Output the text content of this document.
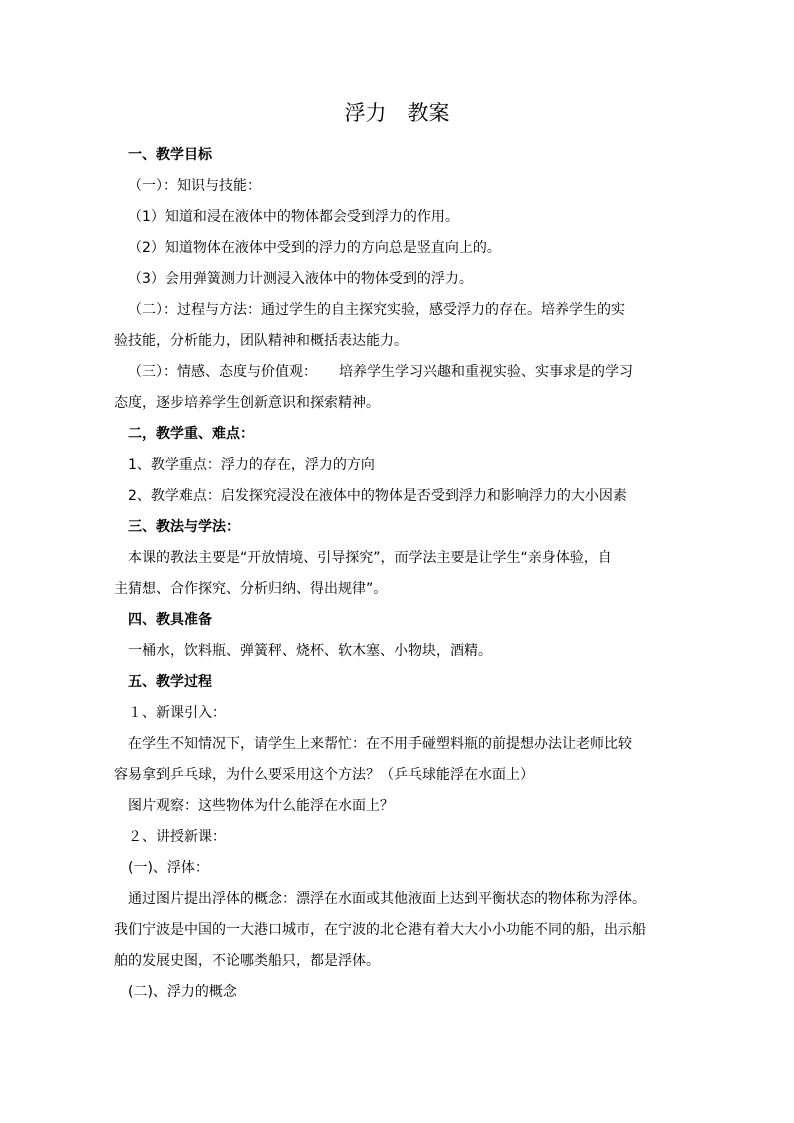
浮力　教案
一、教学目标
（一）：知识与技能：
（1）知道和浸在液体中的物体都会受到浮力的作用。
（2）知道物体在液体中受到的浮力的方向总是竖直向上的。
（3）会用弹簧测力计测浸入液体中的物体受到的浮力。
（二）：过程与方法：通过学生的自主探究实验，感受浮力的存在。培养学生的实
验技能，分析能力，团队精神和概括表达能力。
（三）：情感、态度与价值观： 培养学生学习兴趣和重视实验、实事求是的学习
态度，逐步培养学生创新意识和探索精神。
二，教学重、难点：
1、教学重点：浮力的存在，浮力的方向
2、教学难点：启发探究浸没在液体中的物体是否受到浮力和影响浮力的大小因素
三、教法与学法：
本课的教法主要是“开放情境、引导探究”，而学法主要是让学生“亲身体验，自
主猜想、合作探究、分析归纳、得出规律”。
四、教具准备
一桶水，饮料瓶、弹簧秤、烧杯、软木塞、小物块，酒精。
五、教学过程
１、新课引入：
在学生不知情况下，请学生上来帮忙：在不用手碰塑料瓶的前提想办法让老师比较
容易拿到乒乓球，为什么要采用这个方法？（乒乓球能浮在水面上）
图片观察：这些物体为什么能浮在水面上？
２、讲授新课：
(一)、浮体：
通过图片提出浮体的概念：漂浮在水面或其他液面上达到平衡状态的物体称为浮体。
我们宁波是中国的一大港口城市，在宁波的北仑港有着大大小小功能不同的船，出示船
舶的发展史图，不论哪类船只，都是浮体。
(二)、浮力的概念
